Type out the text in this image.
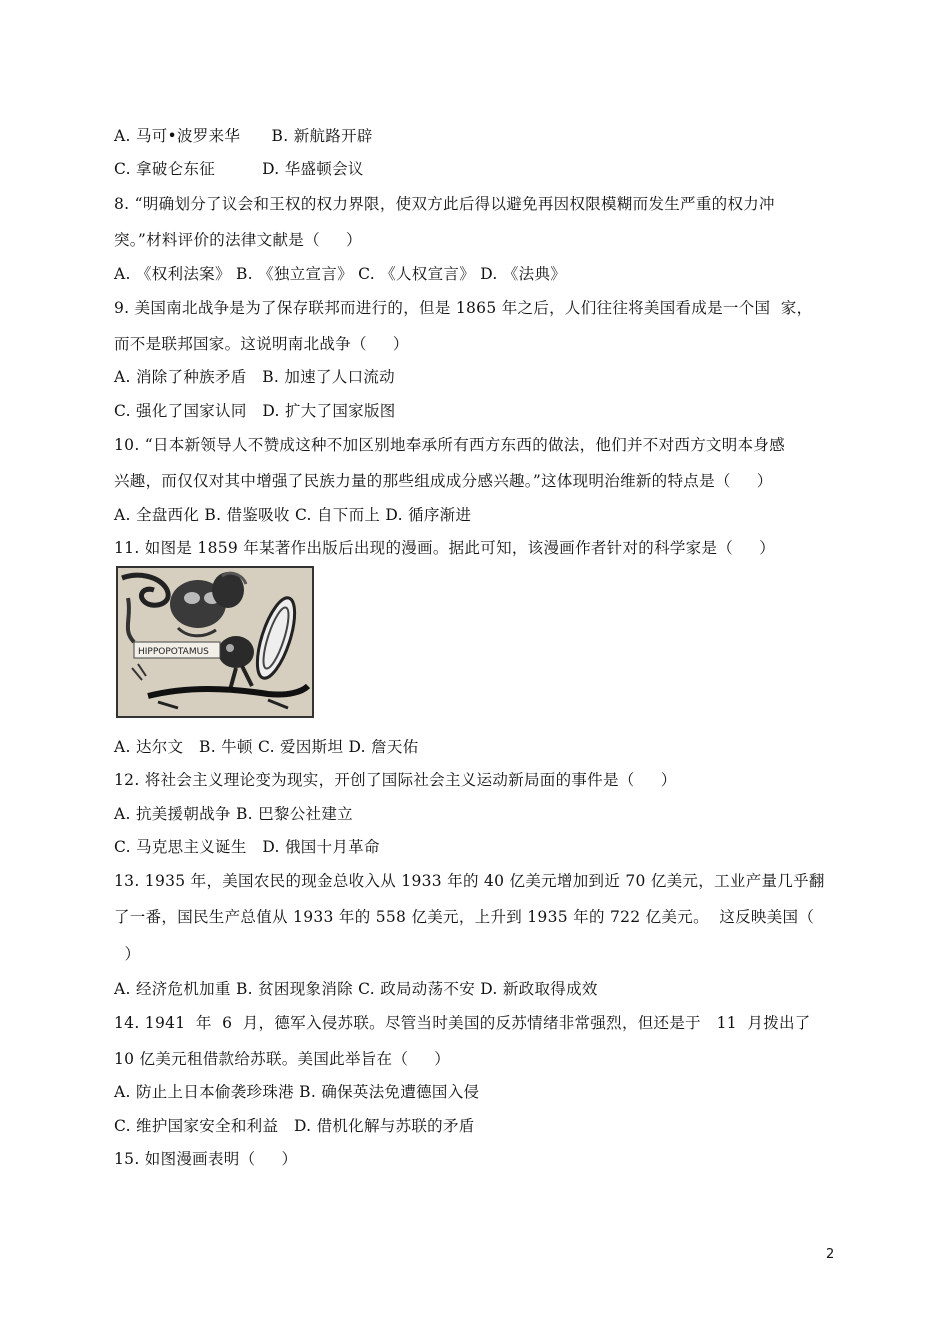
A. 马可•波罗来华      B. 新航路开辟
C. 拿破仑东征         D. 华盛顿会议
8. “明确划分了议会和王权的权力界限，使双方此后得以避免再因权限模糊而发生严重的权力冲
突。”材料评价的法律文献是（     ）
A. 《权利法案》 B. 《独立宣言》 C. 《人权宣言》 D. 《法典》
9. 美国南北战争是为了保存联邦而进行的，但是 1865 年之后，人们往往将美国看成是一个国  家，
而不是联邦国家。这说明南北战争（     ）
A. 消除了种族矛盾   B. 加速了人口流动
C. 强化了国家认同   D. 扩大了国家版图
10. “日本新领导人不赞成这种不加区别地奉承所有西方东西的做法，他们并不对西方文明本身感
兴趣，而仅仅对其中增强了民族力量的那些组成成分感兴趣。”这体现明治维新的特点是（     ）
A. 全盘西化 B. 借鉴吸收 C. 自下而上 D. 循序渐进
11. 如图是 1859 年某著作出版后出现的漫画。据此可知，该漫画作者针对的科学家是（     ）
HIPPOPOTAMUS
A. 达尔文   B. 牛顿 C. 爱因斯坦 D. 詹天佑
12. 将社会主义理论变为现实，开创了国际社会主义运动新局面的事件是（     ）
A. 抗美援朝战争 B. 巴黎公社建立
C. 马克思主义诞生   D. 俄国十月革命
13. 1935 年，美国农民的现金总收入从 1933 年的 40 亿美元增加到近 70 亿美元，工业产量几乎翻
了一番，国民生产总值从 1933 年的 558 亿美元，上升到 1935 年的 722 亿美元。  这反映美国（
）
A. 经济危机加重 B. 贫困现象消除 C. 政局动荡不安 D. 新政取得成效
14. 1941  年  6  月，德军入侵苏联。尽管当时美国的反苏情绪非常强烈，但还是于   11  月拨出了
10 亿美元租借款给苏联。美国此举旨在（     ）
A. 防止上日本偷袭珍珠港 B. 确保英法免遭德国入侵
C. 维护国家安全和利益   D. 借机化解与苏联的矛盾
15. 如图漫画表明（     ）
2
